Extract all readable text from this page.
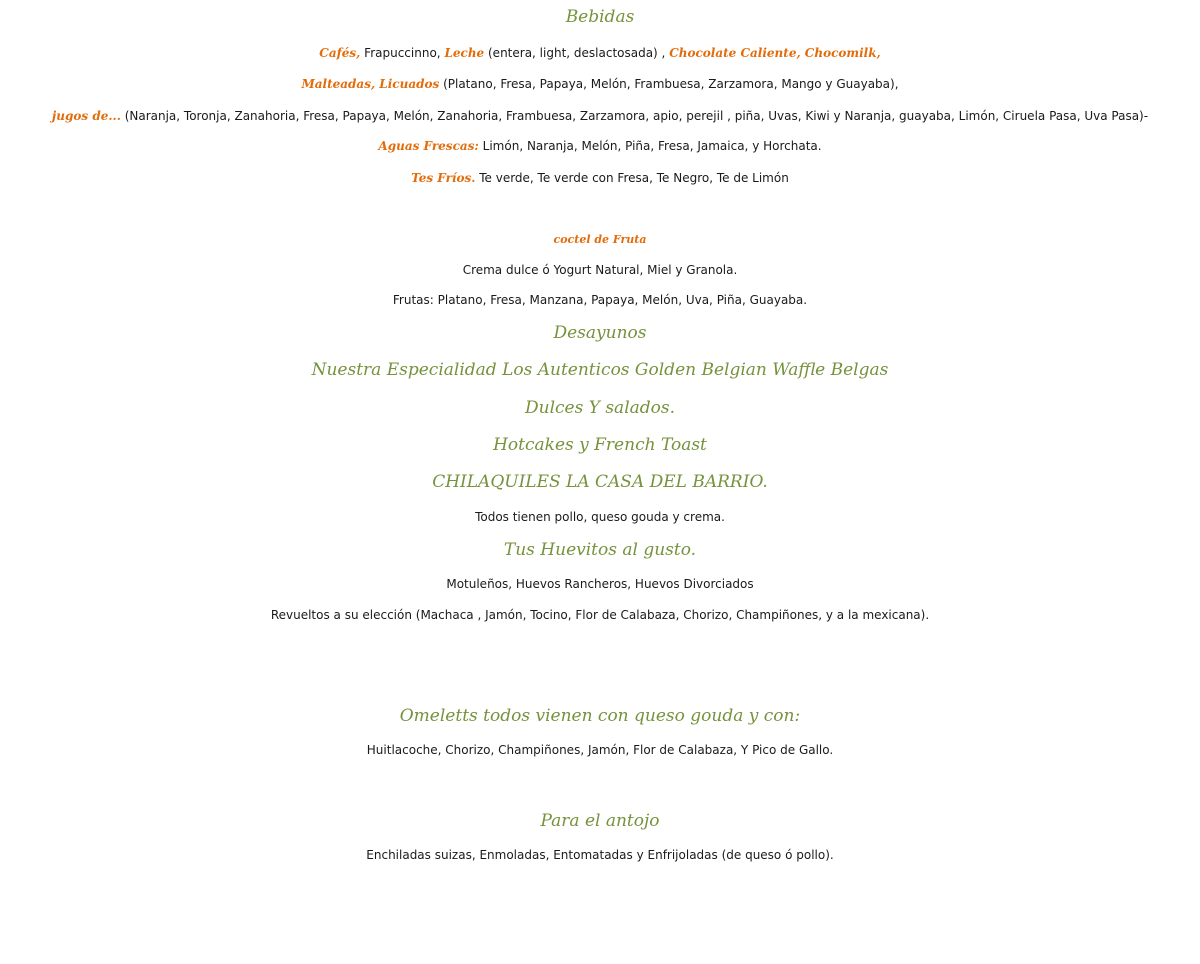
Bebidas
Cafés, Frapuccinno, Leche (entera, light, deslactosada) , Chocolate Caliente, Chocomilk,
Malteadas, Licuados (Platano, Fresa, Papaya, Melón, Frambuesa, Zarzamora, Mango y Guayaba),
jugos de... (Naranja, Toronja, Zanahoria, Fresa, Papaya, Melón, Zanahoria, Frambuesa, Zarzamora, apio, perejil , piña, Uvas, Kiwi y Naranja, guayaba, Limón, Ciruela Pasa, Uva Pasa)-
Aguas Frescas: Limón, Naranja, Melón, Piña, Fresa, Jamaica, y Horchata.
Tes Fríos. Te verde, Te verde con Fresa, Te Negro, Te de Limón
coctel de Fruta
Crema dulce ó Yogurt Natural, Miel y Granola.
Frutas: Platano, Fresa, Manzana, Papaya, Melón, Uva, Piña, Guayaba.
Desayunos
Nuestra Especialidad Los Autenticos Golden Belgian Waffle Belgas
Dulces Y salados.
Hotcakes y French Toast
CHILAQUILES LA CASA DEL BARRIO.
Todos tienen pollo, queso gouda y crema.
Tus Huevitos al gusto.
Motuleños, Huevos Rancheros, Huevos Divorciados
Revueltos a su elección (Machaca , Jamón, Tocino, Flor de Calabaza, Chorizo, Champiñones, y a la mexicana).
Omeletts todos vienen con queso gouda y con:
Huitlacoche, Chorizo, Champiñones, Jamón, Flor de Calabaza, Y Pico de Gallo.
Para el antojo
Enchiladas suizas, Enmoladas, Entomatadas y Enfrijoladas (de queso ó pollo).
